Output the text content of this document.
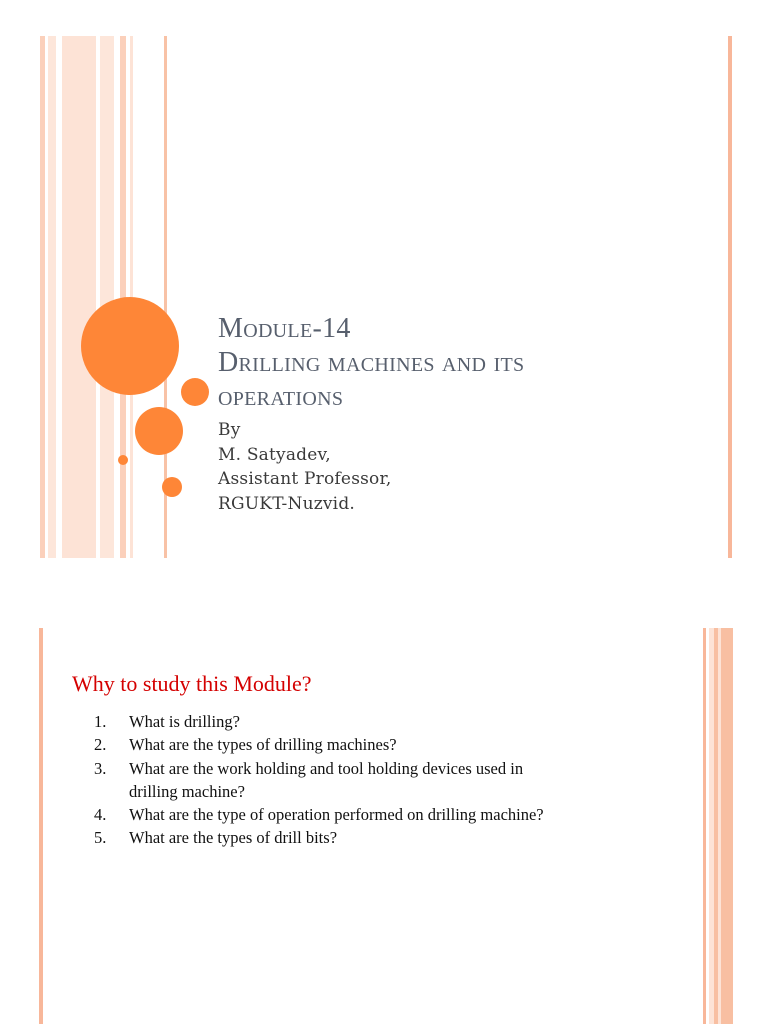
Module-14
Drilling machines and its
operations
By
M. Satyadev,
Assistant Professor,
RGUKT-Nuzvid.
Why to study this Module?
1. What is drilling?
2. What are the types of drilling machines?
3. What are the work holding and tool holding devices used in
drilling machine?
4. What are the type of operation performed on drilling machine?
5. What are the types of drill bits?
